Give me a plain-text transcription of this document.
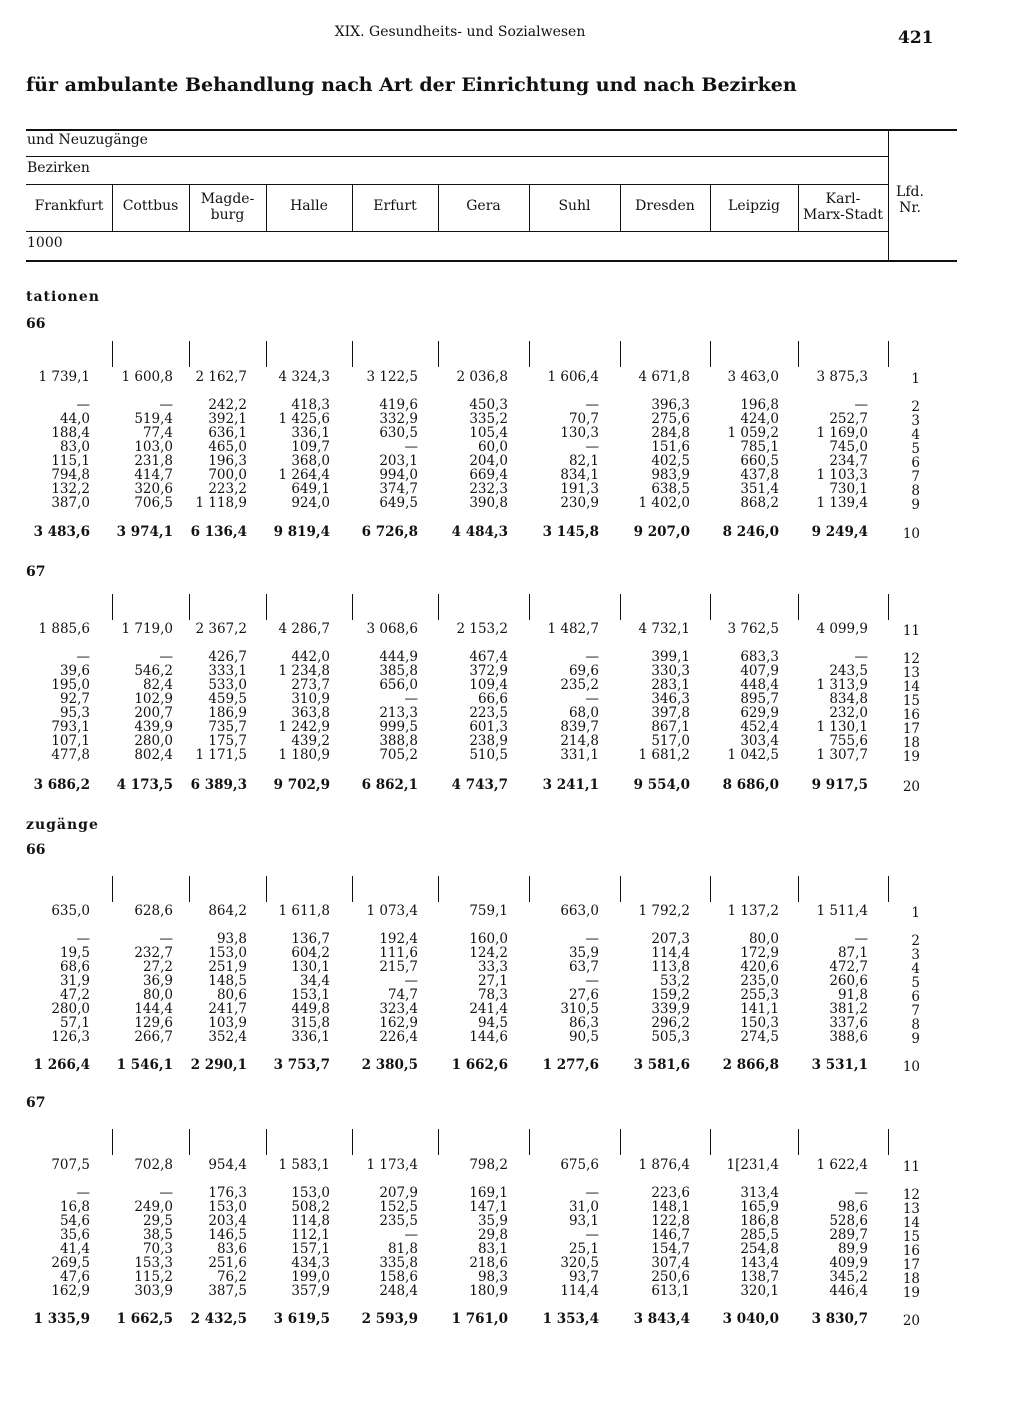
XIX. Gesundheits- und Sozialwesen	421
für ambulante Behandlung nach Art der Einrichtung und nach Bezirken
und Neuzugänge
Bezirken
1000
Lfd. Nr.
Frankfurt	Cottbus	Magde-
burg
Halle	Erfurt	Gera	Suhl	Dresden	Leipzig	Karl-
Marx-Stadt
tationen
66
1 739,1	1 600,8	2 162,7	4 324,3	3 122,5	2 036,8	1 606,4	4 671,8	3 463,0	3 875,3	1
—	—	242,2	418,3	419,6	450,3	—	396,3	196,8	—	2
44,0	519,4	392,1	1 425,6	332,9	335,2	70,7	275,6	424,0	252,7	3
188,4	77,4	636,1	336,1	630,5	105,4	130,3	284,8	1 059,2	1 169,0	4
83,0	103,0	465,0	109,7	—	60,0	—	151,6	785,1	745,0	5
115,1	231,8	196,3	368,0	203,1	204,0	82,1	402,5	660,5	234,7	6
794,8	414,7	700,0	1 264,4	994,0	669,4	834,1	983,9	437,8	1 103,3	7
132,2	320,6	223,2	649,1	374,7	232,3	191,3	638,5	351,4	730,1	8
387,0	706,5	1 118,9	924,0	649,5	390,8	230,9	1 402,0	868,2	1 139,4	9
3 483,6	3 974,1	6 136,4	9 819,4	6 726,8	4 484,3	3 145,8	9 207,0	8 246,0	9 249,4	10
67
1 885,6	1 719,0	2 367,2	4 286,7	3 068,6	2 153,2	1 482,7	4 732,1	3 762,5	4 099,9	11
—	—	426,7	442,0	444,9	467,4	—	399,1	683,3	—	12
39,6	546,2	333,1	1 234,8	385,8	372,9	69,6	330,3	407,9	243,5	13
195,0	82,4	533,0	273,7	656,0	109,4	235,2	283,1	448,4	1 313,9	14
92,7	102,9	459,5	310,9	—	66,6	—	346,3	895,7	834,8	15
95,3	200,7	186,9	363,8	213,3	223,5	68,0	397,8	629,9	232,0	16
793,1	439,9	735,7	1 242,9	999,5	601,3	839,7	867,1	452,4	1 130,1	17
107,1	280,0	175,7	439,2	388,8	238,9	214,8	517,0	303,4	755,6	18
477,8	802,4	1 171,5	1 180,9	705,2	510,5	331,1	1 681,2	1 042,5	1 307,7	19
3 686,2	4 173,5	6 389,3	9 702,9	6 862,1	4 743,7	3 241,1	9 554,0	8 686,0	9 917,5	20
zugänge
66
635,0	628,6	864,2	1 611,8	1 073,4	759,1	663,0	1 792,2	1 137,2	1 511,4	1
—	—	93,8	136,7	192,4	160,0	—	207,3	80,0	—	2
19,5	232,7	153,0	604,2	111,6	124,2	35,9	114,4	172,9	87,1	3
68,6	27,2	251,9	130,1	215,7	33,3	63,7	113,8	420,6	472,7	4
31,9	36,9	148,5	34,4	—	27,1	—	53,2	235,0	260,6	5
47,2	80,0	80,6	153,1	74,7	78,3	27,6	159,2	255,3	91,8	6
280,0	144,4	241,7	449,8	323,4	241,4	310,5	339,9	141,1	381,2	7
57,1	129,6	103,9	315,8	162,9	94,5	86,3	296,2	150,3	337,6	8
126,3	266,7	352,4	336,1	226,4	144,6	90,5	505,3	274,5	388,6	9
1 266,4	1 546,1	2 290,1	3 753,7	2 380,5	1 662,6	1 277,6	3 581,6	2 866,8	3 531,1	10
67
707,5	702,8	954,4	1 583,1	1 173,4	798,2	675,6	1 876,4	1[231,4	1 622,4	11
—	—	176,3	153,0	207,9	169,1	—	223,6	313,4	—	12
16,8	249,0	153,0	508,2	152,5	147,1	31,0	148,1	165,9	98,6	13
54,6	29,5	203,4	114,8	235,5	35,9	93,1	122,8	186,8	528,6	14
35,6	38,5	146,5	112,1	—	29,8	—	146,7	285,5	289,7	15
41,4	70,3	83,6	157,1	81,8	83,1	25,1	154,7	254,8	89,9	16
269,5	153,3	251,6	434,3	335,8	218,6	320,5	307,4	143,4	409,9	17
47,6	115,2	76,2	199,0	158,6	98,3	93,7	250,6	138,7	345,2	18
162,9	303,9	387,5	357,9	248,4	180,9	114,4	613,1	320,1	446,4	19
1 335,9	1 662,5	2 432,5	3 619,5	2 593,9	1 761,0	1 353,4	3 843,4	3 040,0	3 830,7	20
